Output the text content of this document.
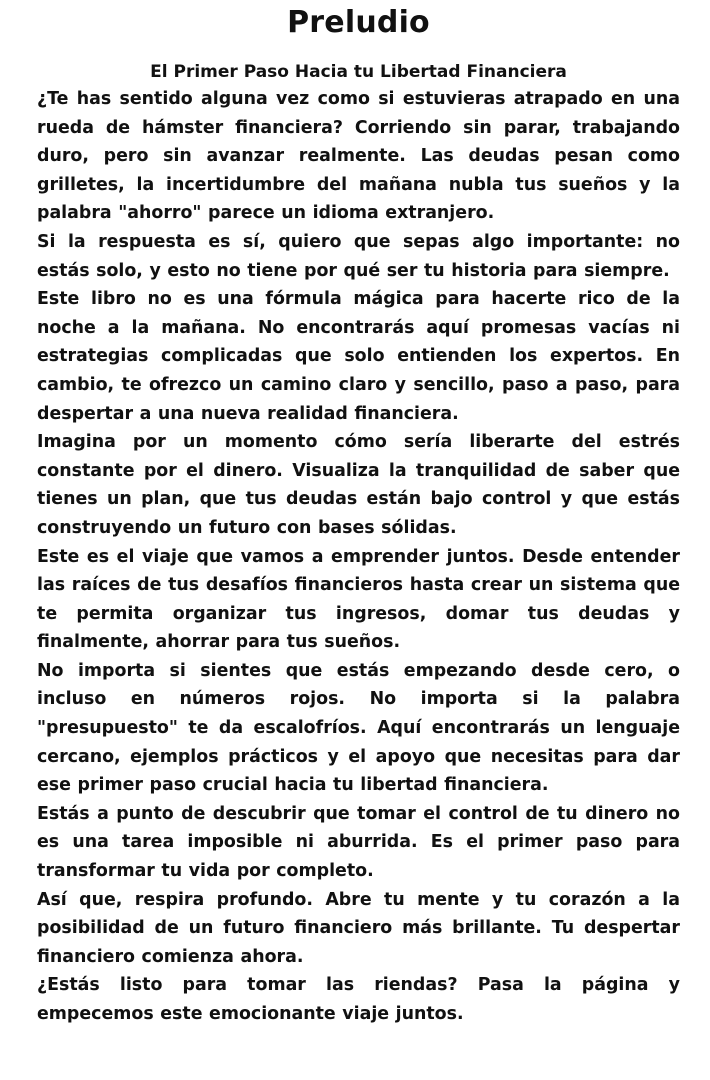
Preludio
El Primer Paso Hacia tu Libertad Financiera

¿Te has sentido alguna vez como si estuvieras atrapado en una rueda de hámster financiera? Corriendo sin parar, trabajando duro, pero sin avanzar realmente. Las deudas pesan como grilletes, la incertidumbre del mañana nubla tus sueños y la palabra "ahorro" parece un idioma extranjero.

Si la respuesta es sí, quiero que sepas algo importante: no estás solo, y esto no tiene por qué ser tu historia para siempre.

Este libro no es una fórmula mágica para hacerte rico de la noche a la mañana. No encontrarás aquí promesas vacías ni estrategias complicadas que solo entienden los expertos. En cambio, te ofrezco un camino claro y sencillo, paso a paso, para despertar a una nueva realidad financiera.

Imagina por un momento cómo sería liberarte del estrés constante por el dinero. Visualiza la tranquilidad de saber que tienes un plan, que tus deudas están bajo control y que estás construyendo un futuro con bases sólidas.

Este es el viaje que vamos a emprender juntos. Desde entender las raíces de tus desafíos financieros hasta crear un sistema que te permita organizar tus ingresos, domar tus deudas y finalmente, ahorrar para tus sueños.

No importa si sientes que estás empezando desde cero, o incluso en números rojos. No importa si la palabra "presupuesto" te da escalofríos. Aquí encontrarás un lenguaje cercano, ejemplos prácticos y el apoyo que necesitas para dar ese primer paso crucial hacia tu libertad financiera.

Estás a punto de descubrir que tomar el control de tu dinero no es una tarea imposible ni aburrida. Es el primer paso para transformar tu vida por completo.

Así que, respira profundo. Abre tu mente y tu corazón a la posibilidad de un futuro financiero más brillante. Tu despertar financiero comienza ahora.

¿Estás listo para tomar las riendas? Pasa la página y empecemos este emocionante viaje juntos.
